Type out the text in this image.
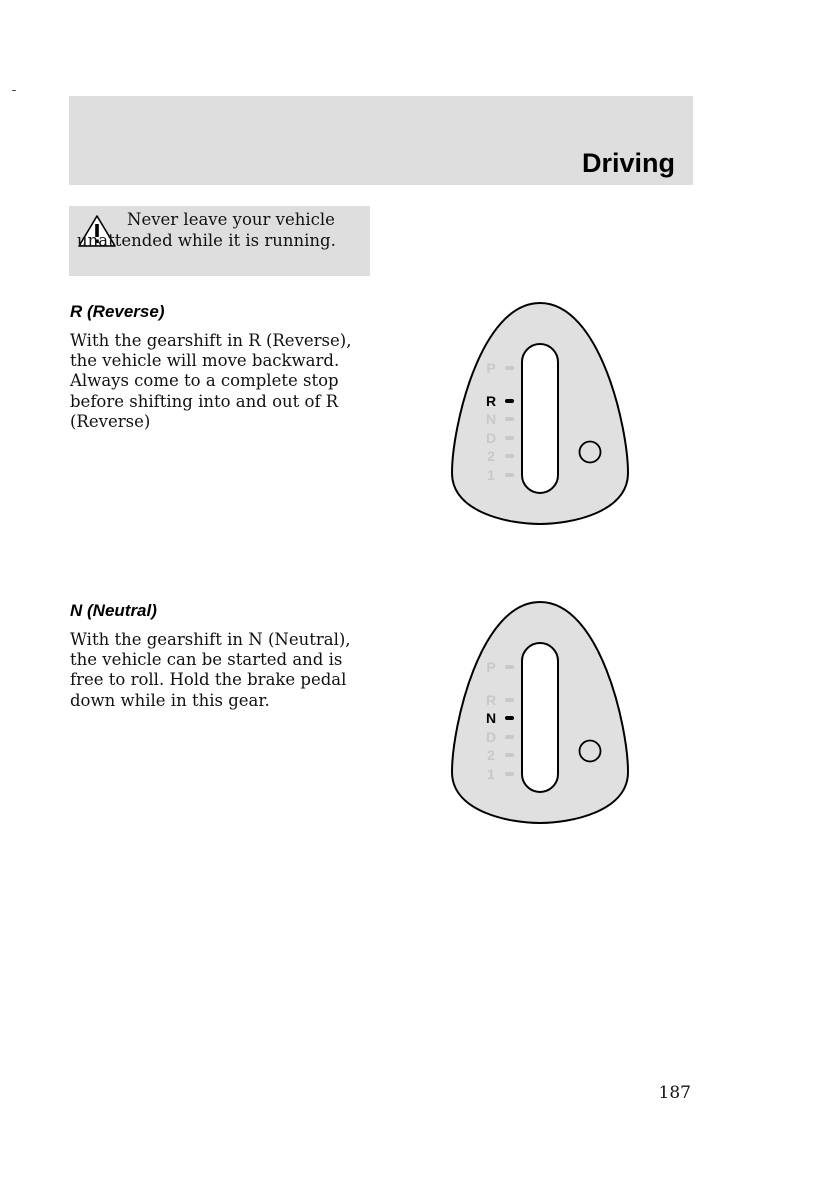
Driving
Never leave your vehicle unattended while it is running.
R (Reverse)
With the gearshift in R (Reverse), the vehicle will move backward. Always come to a complete stop before shifting into and out of R (Reverse)
P
R
N
D
2
1
N (Neutral)
With the gearshift in N (Neutral), the vehicle can be started and is free to roll. Hold the brake pedal down while in this gear.
P
R
N
D
2
1
187
